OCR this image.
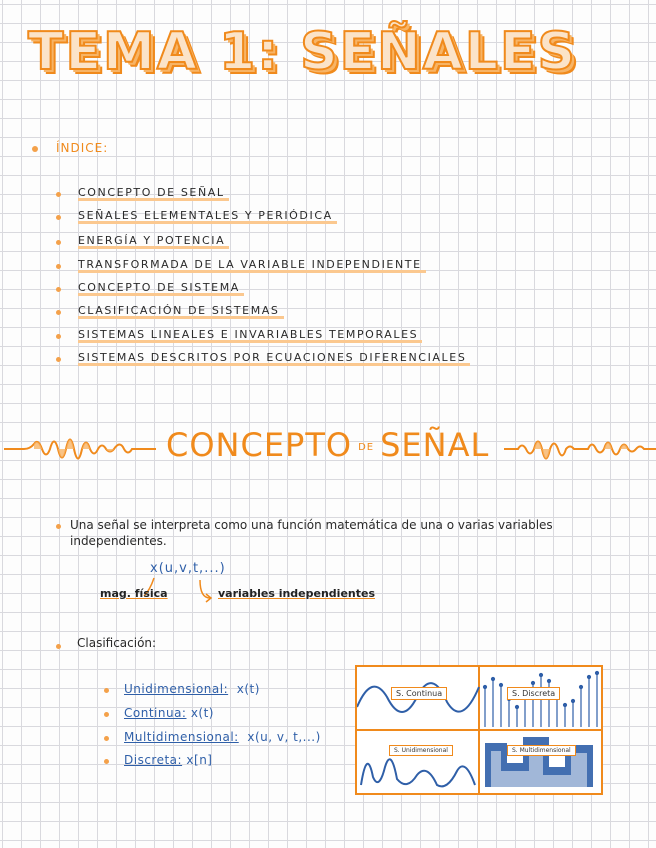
TEMA 1: SEÑALES
ÍNDICE:
CONCEPTO DE SEÑAL
SEÑALES ELEMENTALES Y PERIÓDICA
ENERGÍA Y POTENCIA
TRANSFORMADA DE LA VARIABLE INDEPENDIENTE
CONCEPTO DE SISTEMA
CLASIFICACIÓN DE SISTEMAS
SISTEMAS LINEALES E INVARIABLES TEMPORALES
SISTEMAS DESCRITOS POR ECUACIONES DIFERENCIALES
CONCEPTO DE SEÑAL
Una señal se interpreta como una función matemática de una o varias variables independientes.
x(u,v,t,...)
mag. física	variables independientes
Clasificación:
Unidimensional: x(t)
Continua: x(t)
Multidimensional: x(u, v, t,...)
Discreta: x[n]
S. Continua	S. Discreta
S. Unidimensional	S. Multidimensional
